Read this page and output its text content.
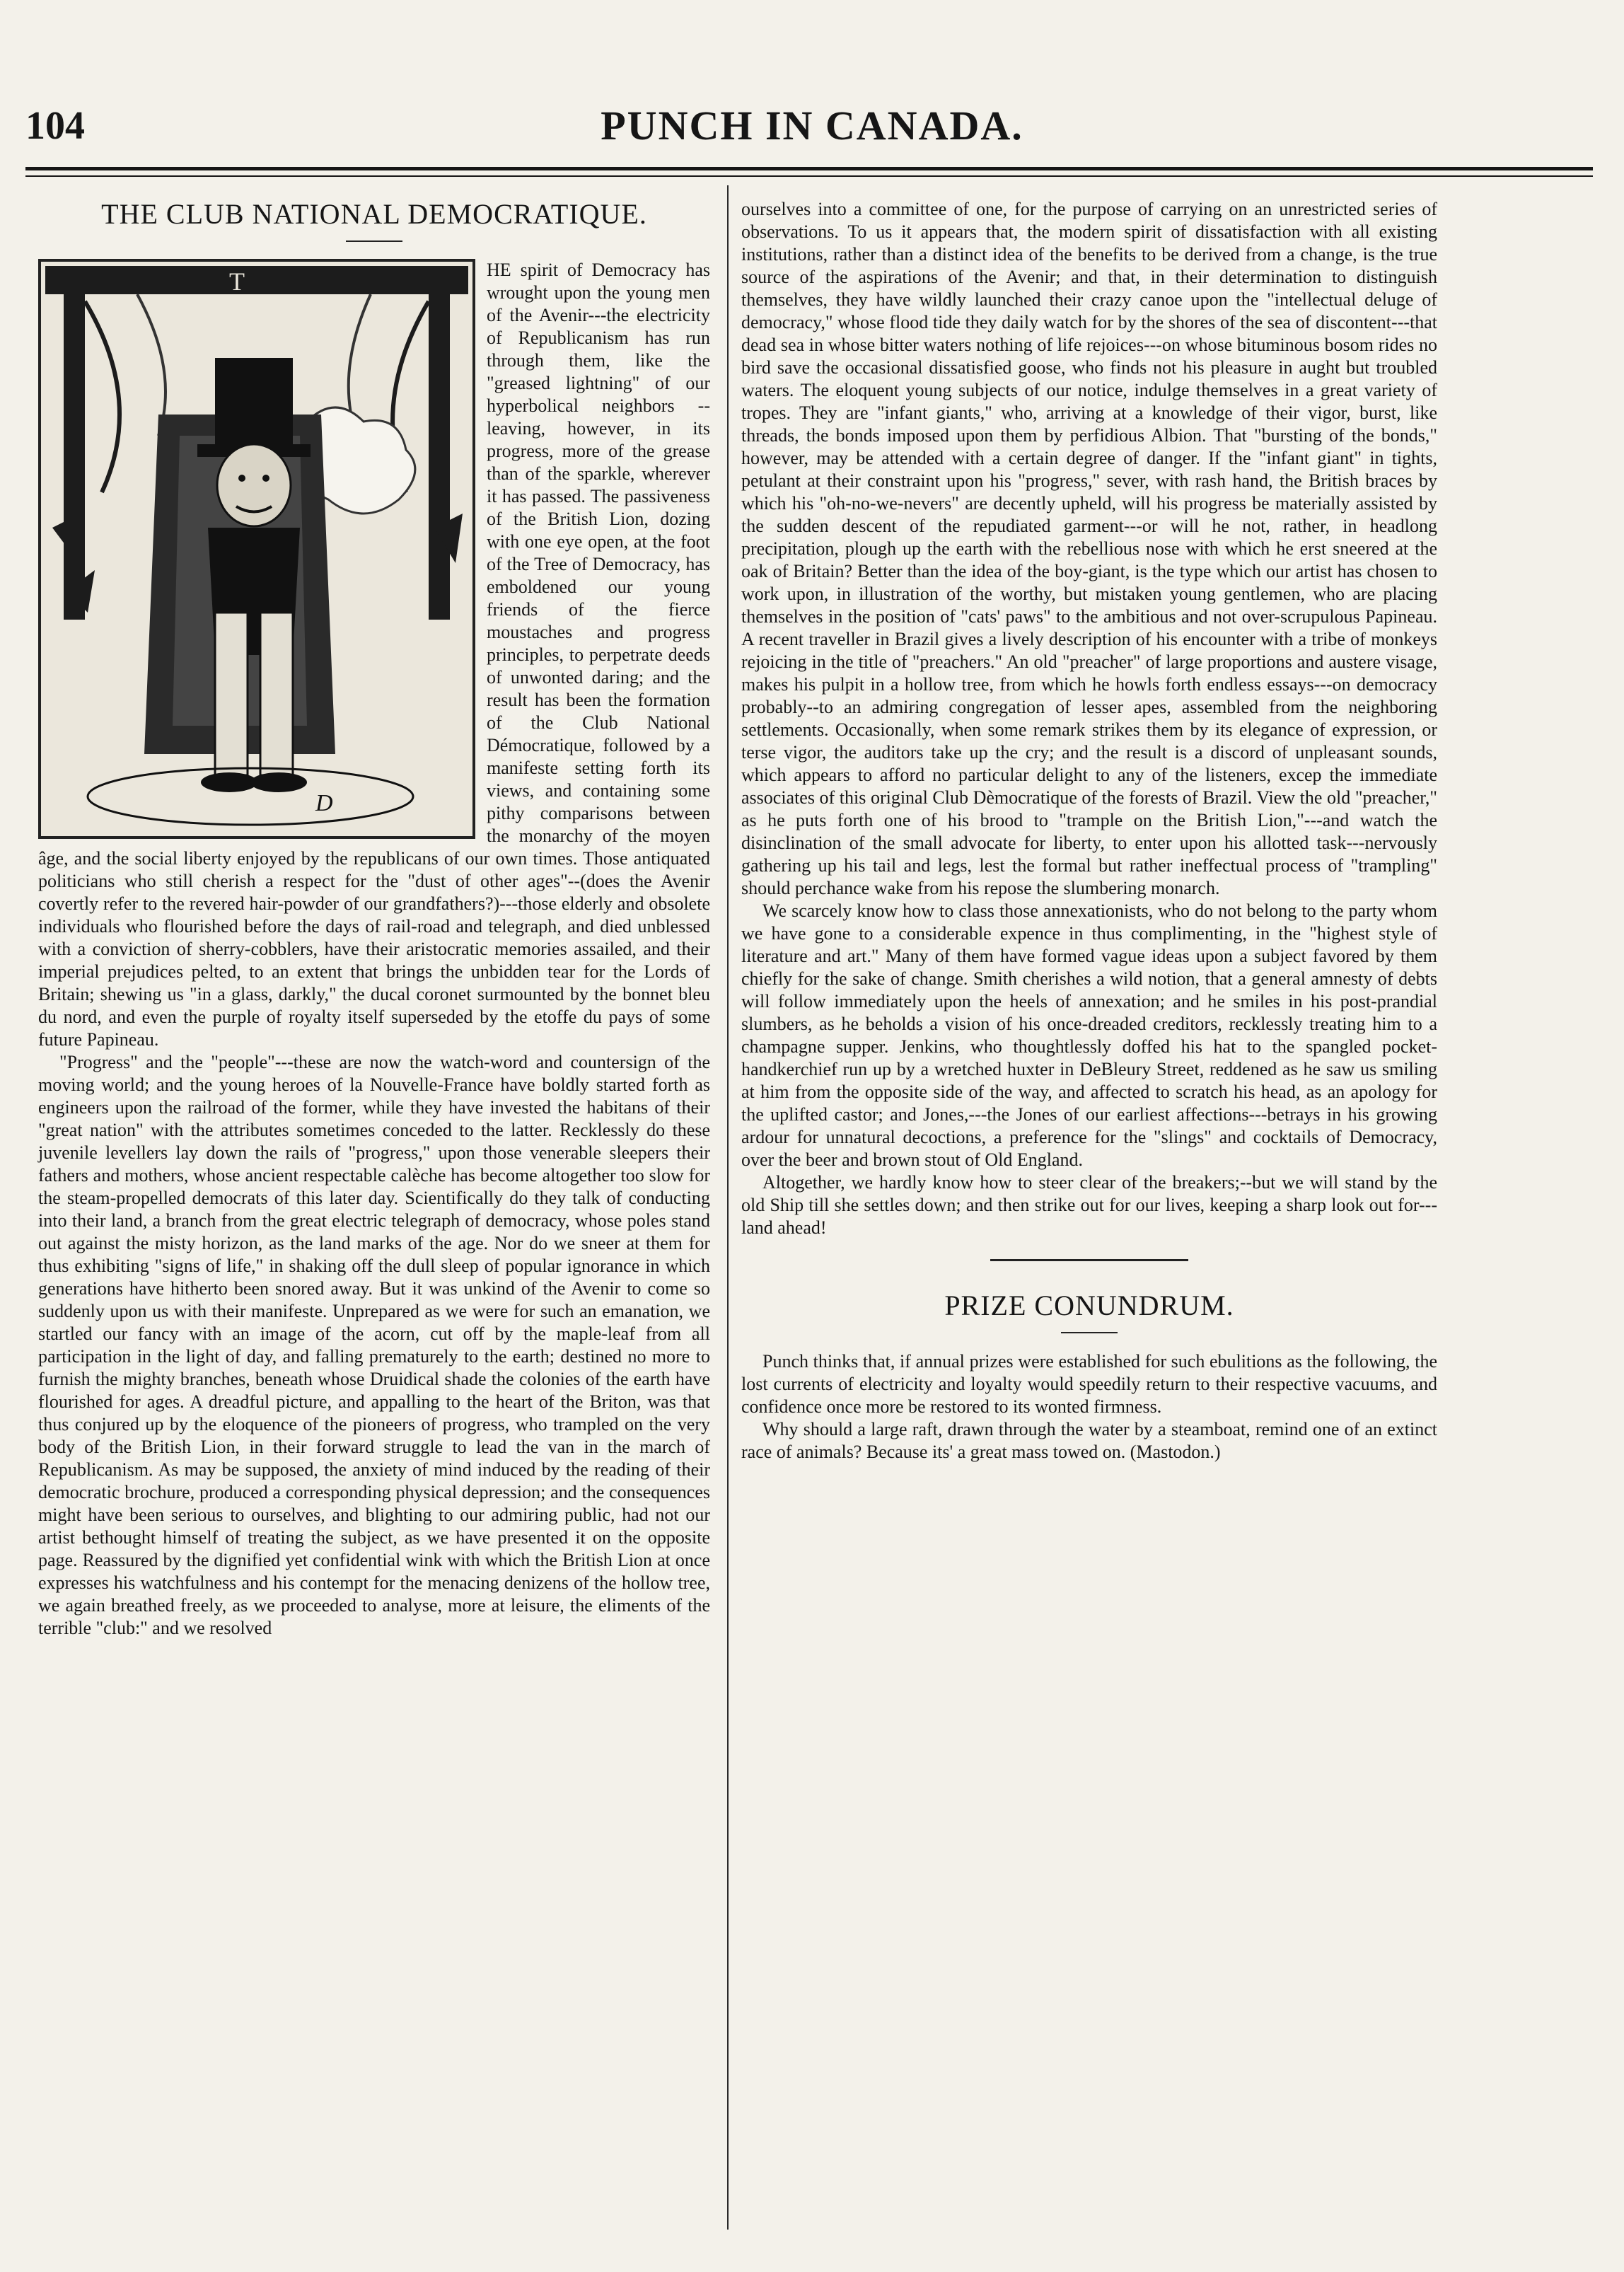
104	PUNCH IN CANADA.
THE CLUB NATIONAL DEMOCRATIQUE.
T
D

HE spirit of Democracy has wrought upon the young men of the Avenir---the electricity of Republicanism has run through them, like the "greased lightning" of our hyperbolical neighbors --leaving, however, in its progress, more of the grease than of the sparkle, wherever it has passed. The passiveness of the British Lion, dozing with one eye open, at the foot of the Tree of Democracy, has emboldened our young friends of the fierce moustaches and progress principles, to perpetrate deeds of unwonted daring; and the result has been the formation of the Club National Démocratique, followed by a manifeste setting forth its views, and containing some pithy comparisons between the monarchy of the moyen âge, and the social liberty enjoyed by the republicans of our own times. Those antiquated politicians who still cherish a respect for the "dust of other ages"--(does the Avenir covertly refer to the revered hair-powder of our grandfathers?)---those elderly and obsolete individuals who flourished before the days of rail-road and telegraph, and died unblessed with a conviction of sherry-cobblers, have their aristocratic memories assailed, and their imperial prejudices pelted, to an extent that brings the unbidden tear for the Lords of Britain; shewing us "in a glass, darkly," the ducal coronet surmounted by the bonnet bleu du nord, and even the purple of royalty itself superseded by the etoffe du pays of some future Papineau.

"Progress" and the "people"---these are now the watch-word and countersign of the moving world; and the young heroes of la Nouvelle-France have boldly started forth as engineers upon the railroad of the former, while they have invested the habitans of their "great nation" with the attributes sometimes conceded to the latter. Recklessly do these juvenile levellers lay down the rails of "progress," upon those venerable sleepers their fathers and mothers, whose ancient respectable calèche has become altogether too slow for the steam-propelled democrats of this later day. Scientifically do they talk of conducting into their land, a branch from the great electric telegraph of democracy, whose poles stand out against the misty horizon, as the land marks of the age. Nor do we sneer at them for thus exhibiting "signs of life," in shaking off the dull sleep of popular ignorance in which generations have hitherto been snored away. But it was unkind of the Avenir to come so suddenly upon us with their manifeste. Unprepared as we were for such an emanation, we startled our fancy with an image of the acorn, cut off by the maple-leaf from all participation in the light of day, and falling prematurely to the earth; destined no more to furnish the mighty branches, beneath whose Druidical shade the colonies of the earth have flourished for ages. A dreadful picture, and appalling to the heart of the Briton, was that thus conjured up by the eloquence of the pioneers of progress, who trampled on the very body of the British Lion, in their forward struggle to lead the van in the march of Republicanism. As may be supposed, the anxiety of mind induced by the reading of their democratic brochure, produced a corresponding physical depression; and the consequences might have been serious to ourselves, and blighting to our admiring public, had not our artist bethought himself of treating the subject, as we have presented it on the opposite page. Reassured by the dignified yet confidential wink with which the British Lion at once expresses his watchfulness and his contempt for the menacing denizens of the hollow tree, we again breathed freely, as we proceeded to analyse, more at leisure, the eliments of the terrible "club:" and we resolved

ourselves into a committee of one, for the purpose of carrying on an unrestricted series of observations. To us it appears that, the modern spirit of dissatisfaction with all existing institutions, rather than a distinct idea of the benefits to be derived from a change, is the true source of the aspirations of the Avenir; and that, in their determination to distinguish themselves, they have wildly launched their crazy canoe upon the "intellectual deluge of democracy," whose flood tide they daily watch for by the shores of the sea of discontent---that dead sea in whose bitter waters nothing of life rejoices---on whose bituminous bosom rides no bird save the occasional dissatisfied goose, who finds not his pleasure in aught but troubled waters. The eloquent young subjects of our notice, indulge themselves in a great variety of tropes. They are "infant giants," who, arriving at a knowledge of their vigor, burst, like threads, the bonds imposed upon them by perfidious Albion. That "bursting of the bonds," however, may be attended with a certain degree of danger. If the "infant giant" in tights, petulant at their constraint upon his "progress," sever, with rash hand, the British braces by which his "oh-no-we-nevers" are decently upheld, will his progress be materially assisted by the sudden descent of the repudiated garment---or will he not, rather, in headlong precipitation, plough up the earth with the rebellious nose with which he erst sneered at the oak of Britain? Better than the idea of the boy-giant, is the type which our artist has chosen to work upon, in illustration of the worthy, but mistaken young gentlemen, who are placing themselves in the position of "cats' paws" to the ambitious and not over-scrupulous Papineau. A recent traveller in Brazil gives a lively description of his encounter with a tribe of monkeys rejoicing in the title of "preachers." An old "preacher" of large proportions and austere visage, makes his pulpit in a hollow tree, from which he howls forth endless essays---on democracy probably--to an admiring congregation of lesser apes, assembled from the neighboring settlements. Occasionally, when some remark strikes them by its elegance of expression, or terse vigor, the auditors take up the cry; and the result is a discord of unpleasant sounds, which appears to afford no particular delight to any of the listeners, excep the immediate associates of this original Club Dèmocratique of the forests of Brazil. View the old "preacher," as he puts forth one of his brood to "trample on the British Lion,"---and watch the disinclination of the small advocate for liberty, to enter upon his allotted task---nervously gathering up his tail and legs, lest the formal but rather ineffectual process of "trampling" should perchance wake from his repose the slumbering monarch.

We scarcely know how to class those annexationists, who do not belong to the party whom we have gone to a considerable expence in thus complimenting, in the "highest style of literature and art." Many of them have formed vague ideas upon a subject favored by them chiefly for the sake of change. Smith cherishes a wild notion, that a general amnesty of debts will follow immediately upon the heels of annexation; and he smiles in his post-prandial slumbers, as he beholds a vision of his once-dreaded creditors, recklessly treating him to a champagne supper. Jenkins, who thoughtlessly doffed his hat to the spangled pocket-handkerchief run up by a wretched huxter in DeBleury Street, reddened as he saw us smiling at him from the opposite side of the way, and affected to scratch his head, as an apology for the uplifted castor; and Jones,---the Jones of our earliest affections---betrays in his growing ardour for unnatural decoctions, a preference for the "slings" and cocktails of Democracy, over the beer and brown stout of Old England.

Altogether, we hardly know how to steer clear of the breakers;--but we will stand by the old Ship till she settles down; and then strike out for our lives, keeping a sharp look out for---land ahead!

PRIZE CONUNDRUM.

Punch thinks that, if annual prizes were established for such ebulitions as the following, the lost currents of electricity and loyalty would speedily return to their respective vacuums, and confidence once more be restored to its wonted firmness.

Why should a large raft, drawn through the water by a steamboat, remind one of an extinct race of animals? Because its' a great mass towed on. (Mastodon.)
